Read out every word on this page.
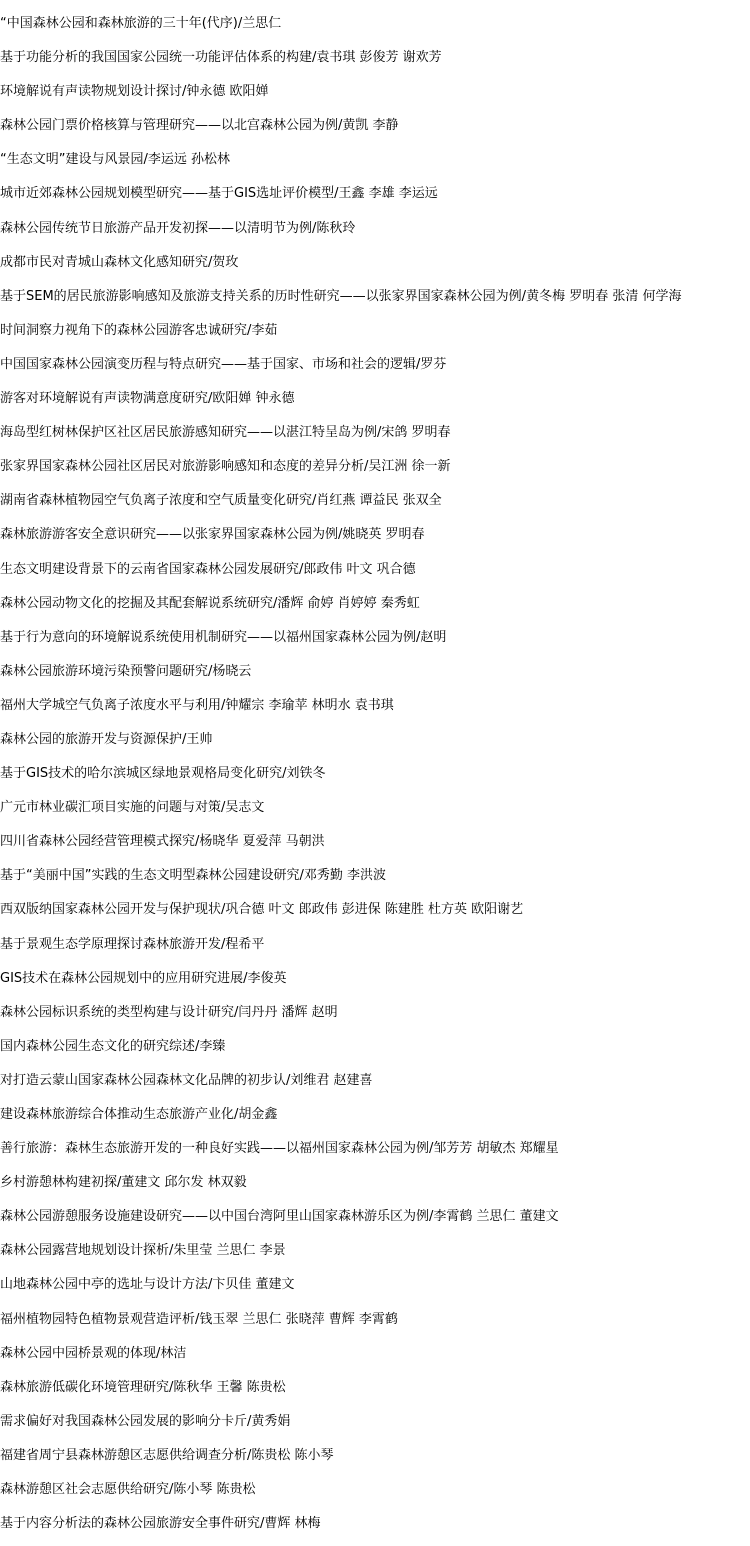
“中国森林公园和森林旅游的三十年(代序)/兰思仁
基于功能分析的我国国家公园统一功能评估体系的构建/袁书琪 彭俊芳 谢欢芳
环境解说有声读物规划设计探讨/钟永德 欧阳婵
森林公园门票价格核算与管理研究——以北宫森林公园为例/黄凯 李静
“生态文明”建设与风景园/李运远 孙松林
城市近郊森林公园规划模型研究——基于GIS选址评价模型/王鑫 李雄 李运远
森林公园传统节日旅游产品开发初探——以清明节为例/陈秋玲
成都市民对青城山森林文化感知研究/贺玫
基于SEM的居民旅游影响感知及旅游支持关系的历时性研究——以张家界国家森林公园为例/黄冬梅 罗明春 张清 何学海
时间洞察力视角下的森林公园游客忠诚研究/李茹
中国国家森林公园演变历程与特点研究——基于国家、市场和社会的逻辑/罗芬
游客对环境解说有声读物满意度研究/欧阳婵 钟永德
海岛型红树林保护区社区居民旅游感知研究——以湛江特呈岛为例/宋鸽 罗明春
张家界国家森林公园社区居民对旅游影响感知和态度的差异分析/吴江洲 徐一新
湖南省森林植物园空气负离子浓度和空气质量变化研究/肖红燕 谭益民 张双全
森林旅游游客安全意识研究——以张家界国家森林公园为例/姚晓英 罗明春
生态文明建设背景下的云南省国家森林公园发展研究/郎政伟 叶文 巩合德
森林公园动物文化的挖掘及其配套解说系统研究/潘辉 俞婷 肖婷婷 秦秀虹
基于行为意向的环境解说系统使用机制研究——以福州国家森林公园为例/赵明
森林公园旅游环境污染预警问题研究/杨晓云
福州大学城空气负离子浓度水平与利用/钟耀宗 李瑜苹 林明水 袁书琪
森林公园的旅游开发与资源保护/王帅
基于GIS技术的哈尔滨城区绿地景观格局变化研究/刘铁冬
广元市林业碳汇项目实施的问题与对策/吴志文
四川省森林公园经营管理模式探究/杨晓华 夏爱萍 马朝洪
基于“美丽中国”实践的生态文明型森林公园建设研究/邓秀勤 李洪波
西双版纳国家森林公园开发与保护现状/巩合德 叶文 郎政伟 彭进保 陈建胜 杜方英 欧阳谢艺
基于景观生态学原理探讨森林旅游开发/程希平
GIS技术在森林公园规划中的应用研究进展/李俊英
森林公园标识系统的类型构建与设计研究/闫丹丹 潘辉 赵明
国内森林公园生态文化的研究综述/李臻
对打造云蒙山国家森林公园森林文化品牌的初步认/刘维君 赵建喜
建设森林旅游综合体推动生态旅游产业化/胡金鑫
善行旅游：森林生态旅游开发的一种良好实践——以福州国家森林公园为例/邹芳芳 胡敏杰 郑耀星
乡村游憩林构建初探/董建文 邱尔发 林双毅
森林公园游憩服务设施建设研究——以中国台湾阿里山国家森林游乐区为例/李霄鹤 兰思仁 董建文
森林公园露营地规划设计探析/朱里莹 兰思仁 李景
山地森林公园中亭的选址与设计方法/卞贝佳 董建文
福州植物园特色植物景观营造评析/钱玉翠 兰思仁 张晓萍 曹辉 李霄鹤
森林公园中园桥景观的体现/林洁
森林旅游低碳化环境管理研究/陈秋华 王馨 陈贵松
需求偏好对我国森林公园发展的影响分卡斤/黄秀娟
福建省周宁县森林游憩区志愿供给调查分析/陈贵松 陈小琴
森林游憩区社会志愿供给研究/陈小琴 陈贵松
基于内容分析法的森林公园旅游安全事件研究/曹辉 林梅
